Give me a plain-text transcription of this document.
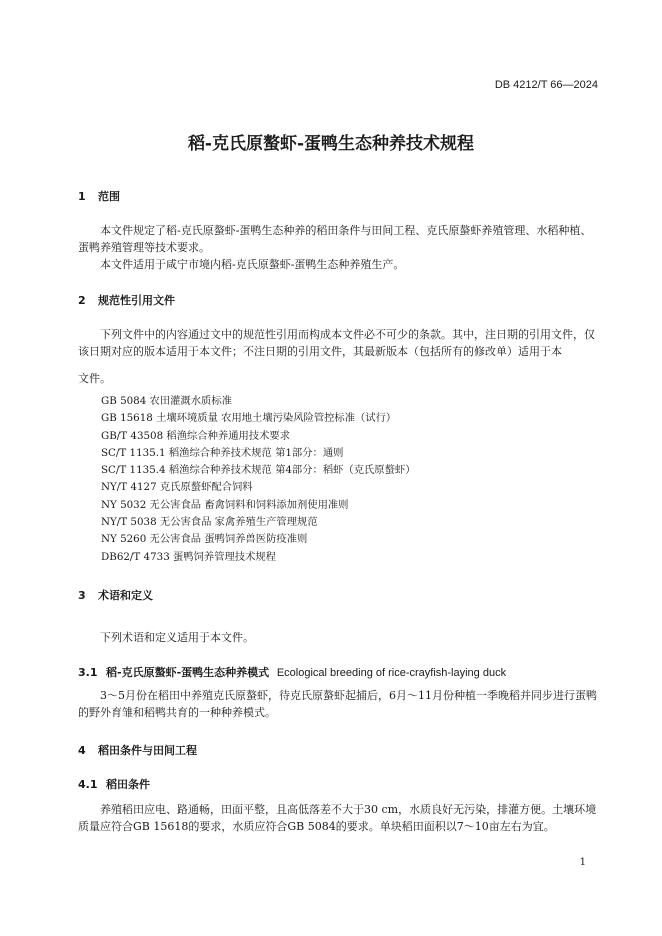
DB 4212/T 66—2024
稻-克氏原螯虾-蛋鸭生态种养技术规程
1 范围
本文件规定了稻-克氏原螯虾-蛋鸭生态种养的稻田条件与田间工程、克氏原螯虾养殖管理、水稻种植、蛋鸭养殖管理等技术要求。
本文件适用于咸宁市境内稻-克氏原螯虾-蛋鸭生态种养殖生产。
2 规范性引用文件
下列文件中的内容通过文中的规范性引用而构成本文件必不可少的条款。其中，注日期的引用文件，仅该日期对应的版本适用于本文件；不注日期的引用文件，其最新版本（包括所有的修改单）适用于本
文件。
GB 5084 农田灌溉水质标准
GB 15618 土壤环境质量 农用地土壤污染风险管控标准（试行）
GB/T 43508 稻渔综合种养通用技术要求
SC/T 1135.1 稻渔综合种养技术规范 第1部分：通则
SC/T 1135.4 稻渔综合种养技术规范 第4部分：稻虾（克氏原螯虾）
NY/T 4127 克氏原螯虾配合饲料
NY 5032 无公害食品 畜禽饲料和饲料添加剂使用准则
NY/T 5038 无公害食品 家禽养殖生产管理规范
NY 5260 无公害食品 蛋鸭饲养兽医防疫准则
DB62/T 4733 蛋鸭饲养管理技术规程
3 术语和定义
下列术语和定义适用于本文件。
3.1 稻-克氏原螯虾-蛋鸭生态种养模式 Ecological breeding of rice-crayfish-laying duck
3～5月份在稻田中养殖克氏原螯虾，待克氏原螯虾起捕后，6月～11月份种植一季晚稻并同步进行蛋鸭的野外育雏和稻鸭共育的一种种养模式。
4 稻田条件与田间工程
4.1 稻田条件
养殖稻田应电、路通畅，田面平整，且高低落差不大于30 cm，水质良好无污染，排灌方便。土壤环境质量应符合GB 15618的要求，水质应符合GB 5084的要求。单块稻田面积以7～10亩左右为宜。
1
